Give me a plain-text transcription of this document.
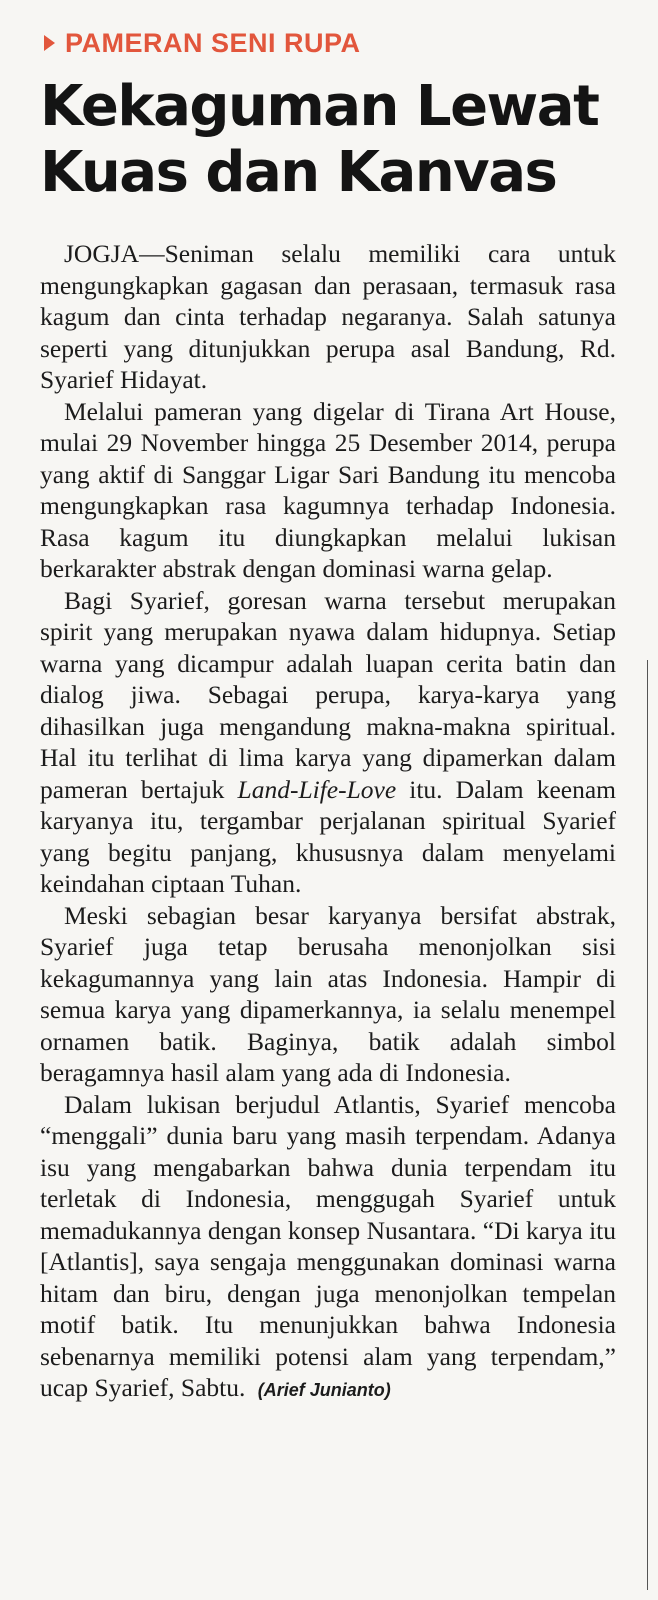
PAMERAN SENI RUPA
Kekaguman Lewat
Kuas dan Kanvas

JOGJA—Seniman selalu memiliki cara untuk mengungkapkan gagasan dan perasaan, termasuk rasa kagum dan cinta terhadap negaranya. Salah satunya seperti yang ditunjukkan perupa asal Bandung, Rd. Syarief Hidayat.

Melalui pameran yang digelar di Tirana Art House, mulai 29 November hingga 25 Desember 2014, perupa yang aktif di Sanggar Ligar Sari Bandung itu mencoba mengungkapkan rasa kagumnya terhadap Indonesia. Rasa kagum itu diungkapkan melalui lukisan berkarakter abstrak dengan dominasi warna gelap.

Bagi Syarief, goresan warna tersebut merupakan spirit yang merupakan nyawa dalam hidupnya. Setiap warna yang dicampur adalah luapan cerita batin dan dialog jiwa. Sebagai perupa, karya-karya yang dihasilkan juga mengandung makna-makna spiritual. Hal itu terlihat di lima karya yang dipamerkan dalam pameran bertajuk Land-Life-Love itu. Dalam keenam karyanya itu, tergambar perjalanan spiritual Syarief yang begitu panjang, khususnya dalam menyelami keindahan ciptaan Tuhan.

Meski sebagian besar karyanya bersifat abstrak, Syarief juga tetap berusaha menonjolkan sisi kekagumannya yang lain atas Indonesia. Hampir di semua karya yang dipamerkannya, ia selalu menempel ornamen batik. Baginya, batik adalah simbol beragamnya hasil alam yang ada di Indonesia.

Dalam lukisan berjudul Atlantis, Syarief mencoba “menggali” dunia baru yang masih terpendam. Adanya isu yang mengabarkan bahwa dunia terpendam itu terletak di Indonesia, menggugah Syarief untuk memadukannya dengan konsep Nusantara. “Di karya itu [Atlantis], saya sengaja menggunakan dominasi warna hitam dan biru, dengan juga menonjolkan tempelan motif batik. Itu menunjukkan bahwa Indonesia sebenarnya memiliki potensi alam yang terpendam,” ucap Syarief, Sabtu. (Arief Junianto)
